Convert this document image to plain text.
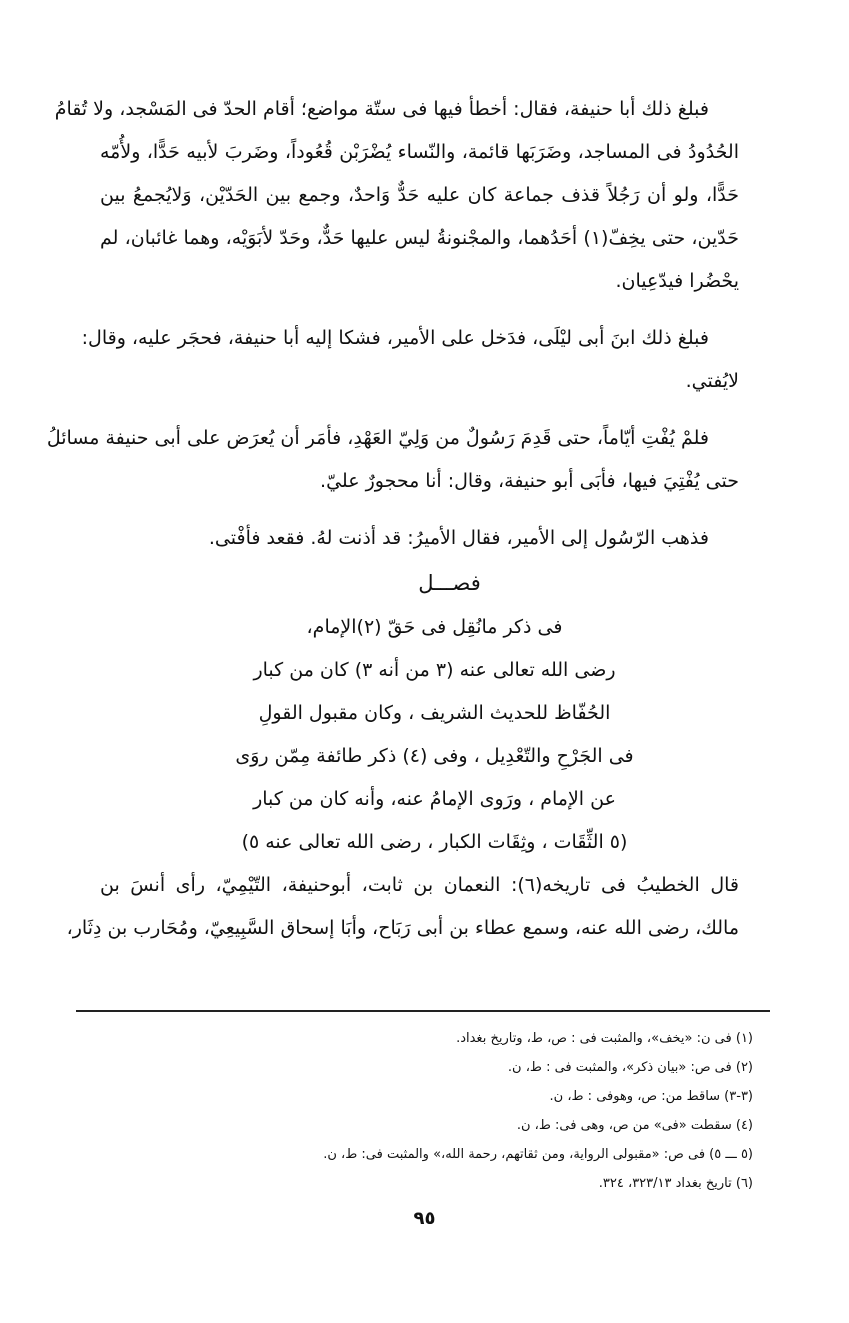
فبلغ ذلك أبا حنيفة، فقال: أخطأ فيها فى ستّة مواضع؛ أقام الحدّ فى المَسْجد، ولا تُقامُ
الحُدُودُ فى المساجد، وضَرَبَها قائمة، والنّساء يُضْرَبْن قُعُوداً، وضَربَ لأبيه حَدًّا، ولأُمّه
حَدًّا، ولو أن رَجُلاً قذف جماعة كان عليه حَدٌّ وَاحدٌ، وجمع بين الحَدّيْن، وَلايُجمعُ بين
حَدّين، حتى يخِفّ(١) أحَدُهما، والمجْنونةُ ليس عليها حَدٌّ، وحَدّ لأبَوَيْه، وهما غائبان، لم
يحْضُرا فيدّعِيان.
فبلغ ذلك ابنَ أبى ليْلَى، فدَخل على الأمير، فشكا إليه أبا حنيفة، فحجَر عليه، وقال:
لايُفتي.
فلمْ يُفْتِ أيّاماً، حتى قَدِمَ رَسُولٌ من وَلِيّ العَهْدِ، فأمَر أن يُعرَض على أبى حنيفة مسائلُ
حتى يُفْتِيَ فيها، فأبَى أبو حنيفة، وقال: أنا محجورٌ عليّ.
فذهب الرّسُول إلى الأمير، فقال الأميرُ: قد أذنت لهُ. فقعد فأفْتى.
فصـــل
فى ذكر مانُقِل فى حَقّ (٢)الإمام،
رضى الله تعالى عنه (٣ من أنه ٣) كان من كبار
الحُفّاظ للحديث الشريف ، وكان مقبول القولِ
فى الجَرْحِ والتّعْدِيل ، وفى (٤) ذكر طائفة مِمّن روَى
عن الإمام ، ورَوى الإمامُ عنه، وأنه كان من كبار
(٥ الثِّقَات ، وثِقَات الكبار ، رضى الله تعالى عنه ٥)
قال الخطيبُ فى تاريخه(٦): النعمان بن ثابت، أبوحنيفة، التّيْمِيّ، رأى أنسَ بن
مالك، رضى الله عنه، وسمع عطاء بن أبى رَبَاح، وأبَا إسحاق السَّبِيعِيّ، ومُحَارب بن دِثَار،
(١) فى ن: «يخف»، والمثبت فى : ص، ط، وتاريخ بغداد.
(٢) فى ص: «بيان ذكر»، والمثبت فى : ط، ن.
(٣-٣) ساقط من: ص، وهوفى : ط، ن.
(٤) سقطت «فى» من ص، وهى فى: ط، ن.
(٥ ـــ ٥) فى ص: «مقبولى الرواية، ومن ثقاتهم، رحمة الله،» والمثبت فى: ط، ن.
(٦) تاريخ بغداد ٣٢٣/١٣، ٣٢٤.
٩٥
